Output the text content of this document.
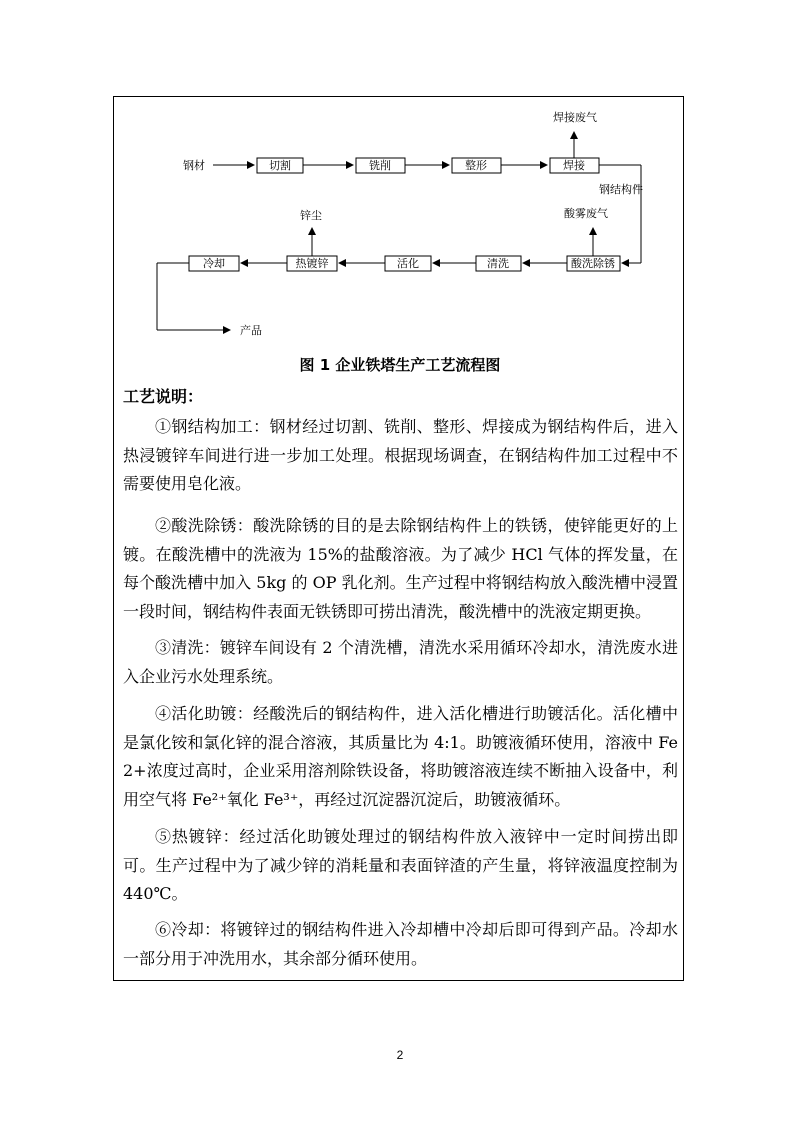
钢材	切割	铣削	整形	焊接
焊接废气
钢结构件
酸洗除锈
酸雾废气
清洗
活化
热镀锌
锌尘
冷却
产品
图 1 企业铁塔生产工艺流程图
工艺说明：
①钢结构加工：钢材经过切割、铣削、整形、焊接成为钢结构件后，进入热浸镀锌车间进行进一步加工处理。根据现场调查，在钢结构件加工过程中不需要使用皂化液。
②酸洗除锈：酸洗除锈的目的是去除钢结构件上的铁锈，使锌能更好的上镀。在酸洗槽中的洗液为 15%的盐酸溶液。为了减少 HCl 气体的挥发量，在每个酸洗槽中加入 5kg 的 OP 乳化剂。生产过程中将钢结构放入酸洗槽中浸置一段时间，钢结构件表面无铁锈即可捞出清洗，酸洗槽中的洗液定期更换。
③清洗：镀锌车间设有 2 个清洗槽，清洗水采用循环冷却水，清洗废水进入企业污水处理系统。
④活化助镀：经酸洗后的钢结构件，进入活化槽进行助镀活化。活化槽中是氯化铵和氯化锌的混合溶液，其质量比为 4:1。助镀液循环使用，溶液中 Fe 2+浓度过高时，企业采用溶剂除铁设备，将助镀溶液连续不断抽入设备中，利用空气将 Fe²⁺氧化 Fe³⁺，再经过沉淀器沉淀后，助镀液循环。
⑤热镀锌：经过活化助镀处理过的钢结构件放入液锌中一定时间捞出即可。生产过程中为了减少锌的消耗量和表面锌渣的产生量，将锌液温度控制为 440℃。
⑥冷却：将镀锌过的钢结构件进入冷却槽中冷却后即可得到产品。冷却水一部分用于冲洗用水，其余部分循环使用。
2
